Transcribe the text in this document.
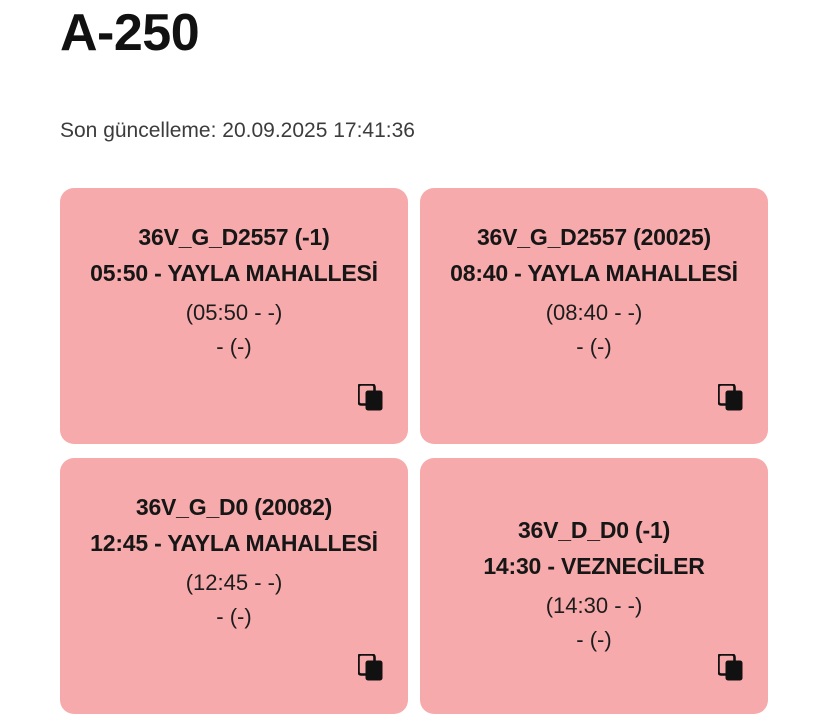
A-250
Son güncelleme: 20.09.2025 17:41:36
36V_G_D2557 (-1)
05:50 - YAYLA MAHALLESİ
(05:50 - -)
- (-)
36V_G_D2557 (20025)
08:40 - YAYLA MAHALLESİ
(08:40 - -)
- (-)
36V_G_D0 (20082)
12:45 - YAYLA MAHALLESİ
(12:45 - -)
- (-)
36V_D_D0 (-1)
14:30 - VEZNECİLER
(14:30 - -)
- (-)
